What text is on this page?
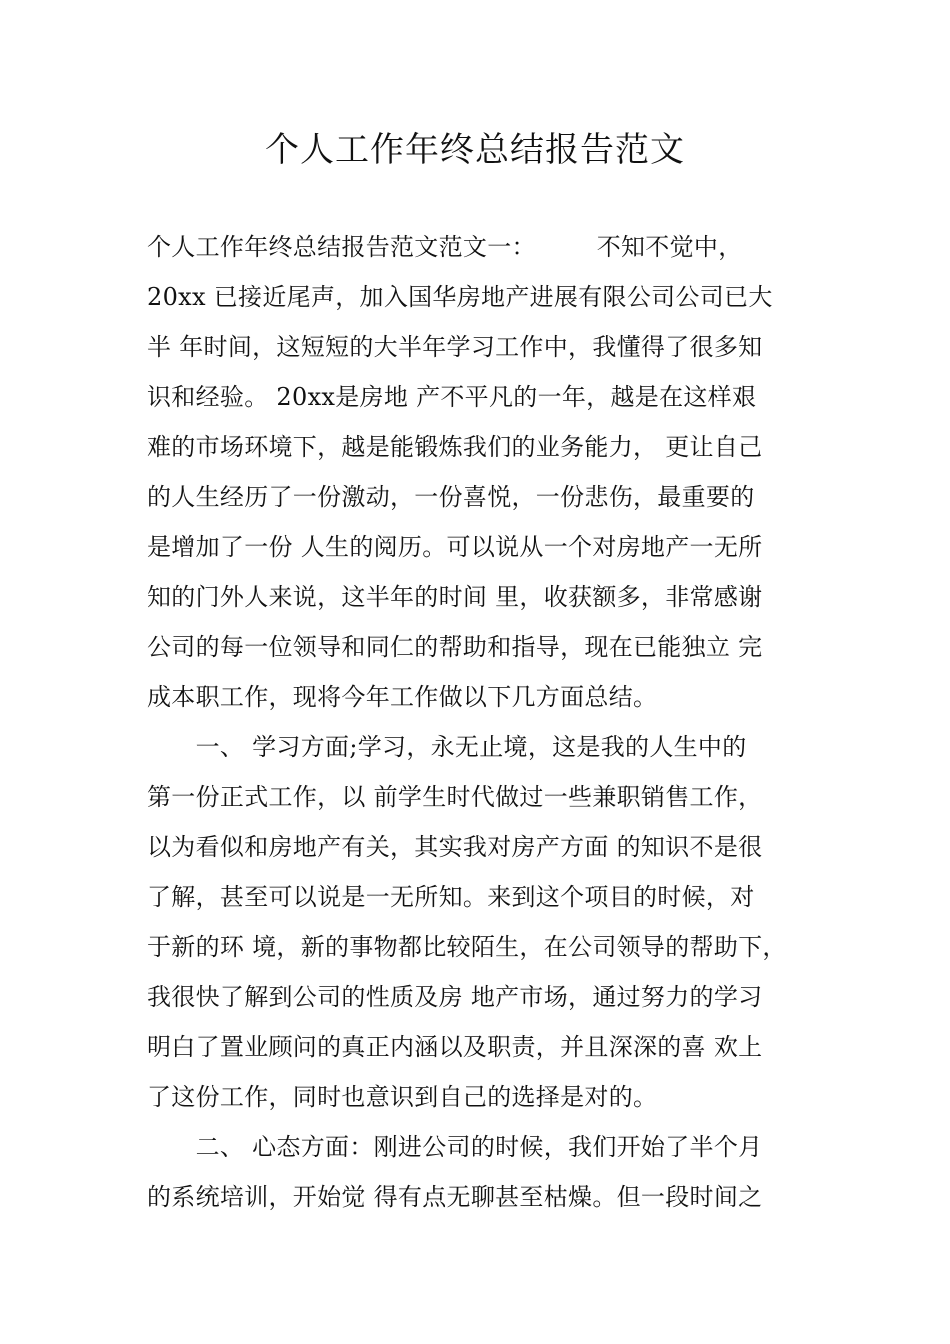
个人工作年终总结报告范文
个人工作年终总结报告范文范文一：　　　不知不觉中，
20xx 已接近尾声，加入国华房地产进展有限公司公司已大
半 年时间，这短短的大半年学习工作中，我懂得了很多知
识和经验。 20xx是房地 产不平凡的一年，越是在这样艰
难的市场环境下，越是能锻炼我们的业务能力， 更让自己
的人生经历了一份激动，一份喜悦，一份悲伤，最重要的
是增加了一份 人生的阅历。可以说从一个对房地产一无所
知的门外人来说，这半年的时间 里，收获额多，非常感谢
公司的每一位领导和同仁的帮助和指导，现在已能独立 完
成本职工作，现将今年工作做以下几方面总结。
　　一、 学习方面;学习，永无止境，这是我的人生中的
第一份正式工作，以 前学生时代做过一些兼职销售工作，
以为看似和房地产有关，其实我对房产方面 的知识不是很
了解，甚至可以说是一无所知。来到这个项目的时候，对
于新的环 境，新的事物都比较陌生，在公司领导的帮助下，
我很快了解到公司的性质及房 地产市场，通过努力的学习
明白了置业顾问的真正内涵以及职责，并且深深的喜 欢上
了这份工作，同时也意识到自己的选择是对的。
　　二、 心态方面：刚进公司的时候，我们开始了半个月
的系统培训，开始觉 得有点无聊甚至枯燥。但一段时间之
